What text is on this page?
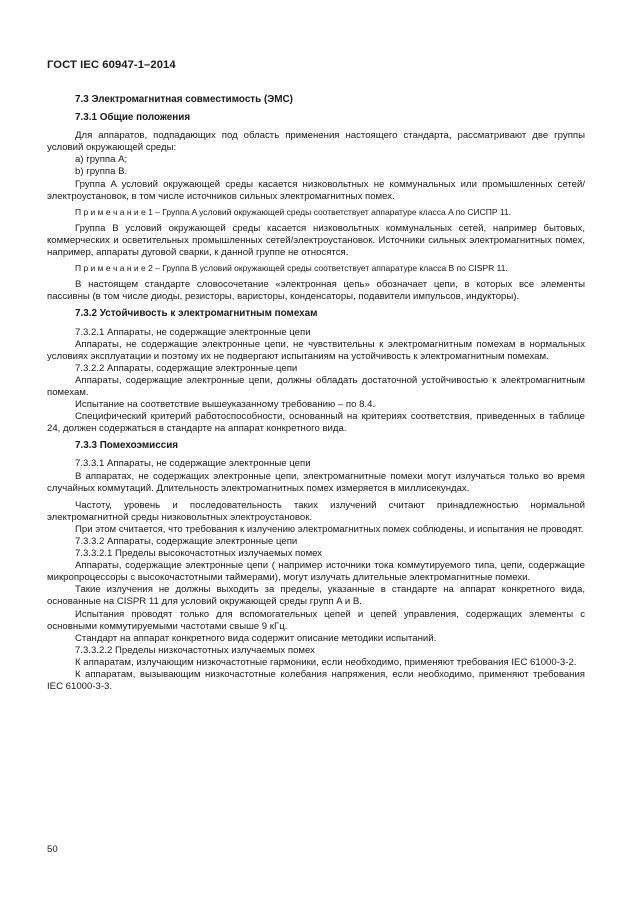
ГОСТ IEC 60947-1–2014

7.3 Электромагнитная совместимость (ЭМС)

7.3.1 Общие положения

Для аппаратов, подпадающих под область применения настоящего стандарта, рассматривают две группы условий окружающей среды:

a) группа A;

b) группа B.

Группа A условий окружающей среды касается низковольтных не коммунальных или промышленных сетей/электроустановок, в том числе источников сильных электромагнитных помех.

П р и м е ч а н и е 1 – Группа A условий окружающей среды соответствует аппаратуре класса A по СИСПР 11.

Группа B условий окружающей среды касается низковольтных коммунальных сетей, например бытовых, коммерческих и осветительных промышленных сетей/электроустановок. Источники сильных электромагнитных помех, например, аппараты дуговой сварки, к данной группе не относятся.

П р и м е ч а н и е 2 – Группа B условий окружающей среды соответствует аппаратуре класса B по CISPR 11.

В настоящем стандарте словосочетание «электронная цепь» обозначает цепи, в которых все элементы пассивны (в том числе диоды, резисторы, варисторы, конденсаторы, подавители импульсов, индукторы).

7.3.2 Устойчивость к электромагнитным помехам

7.3.2.1 Аппараты, не содержащие электронные цепи

Аппараты, не содержащие электронные цепи, не чувствительны к электромагнитным помехам в нормальных условиях эксплуатации и поэтому их не подвергают испытаниям на устойчивость к электромагнитным помехам.

7.3.2.2 Аппараты, содержащие электронные цепи

Аппараты, содержащие электронные цепи, должны обладать достаточной устойчивостью к электромагнитным помехам.

Испытание на соответствие вышеуказанному требованию – по 8.4.

Специфический критерий работоспособности, основанный на критериях соответствия, приведенных в таблице 24, должен содержаться в стандарте на аппарат конкретного вида.

7.3.3 Помехоэмиссия

7.3.3.1 Аппараты, не содержащие электронные цепи

В аппаратах, не содержащих электронные цепи, электромагнитные помехи могут излучаться только во время случайных коммутаций. Длительность электромагнитных помех измеряется в миллисекундах.

Частоту, уровень и последовательность таких излучений считают принадлежностью нормальной электромагнитной среды низковольтных электроустановок.

При этом считается, что требования к излучению электромагнитных помех соблюдены, и испытания не проводят.

7.3.3.2 Аппараты, содержащие электронные цепи

7.3.3.2.1 Пределы высокочастотных излучаемых помех

Аппараты, содержащие электронные цепи ( например источники тока коммутируемого типа, цепи, содержащие микропроцессоры с высокочастотными таймерами), могут излучать длительные электромагнитные помехи.

Такие излучения не должны выходить за пределы, указанные в стандарте на аппарат конкретного вида, основанные на CISPR 11 для условий окружающей среды групп A и B.

Испытания проводят только для вспомогательных цепей и цепей управления, содержащих элементы с основными коммутируемыми частотами свыше 9 кГц.

Стандарт на аппарат конкретного вида содержит описание методики испытаний.

7.3.3.2.2 Пределы низкочастотных излучаемых помех

К аппаратам, излучающим низкочастотные гармоники, если необходимо, применяют требования IEC 61000-3-2.

К аппаратам, вызывающим низкочастотные колебания напряжения, если необходимо, применяют требования IEC 61000-3-3.

50
